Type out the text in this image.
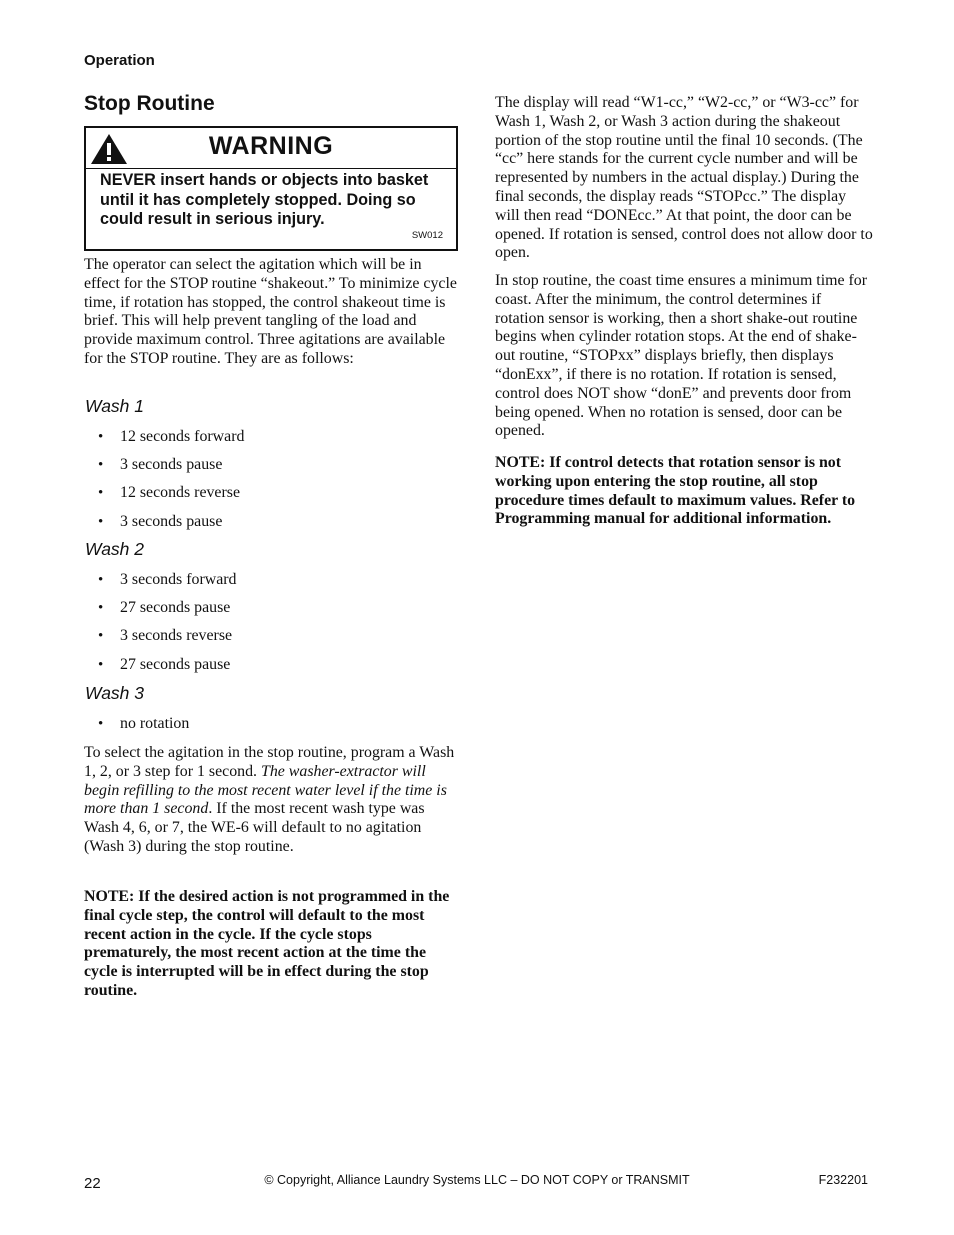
Operation
Stop Routine
WARNING

NEVER insert hands or objects into basket until it has completely stopped. Doing so could result in serious injury.

SW012

The operator can select the agitation which will be in effect for the STOP routine “shakeout.” To minimize cycle time, if rotation has stopped, the control shakeout time is brief. This will help prevent tangling of the load and provide maximum control. Three agitations are available for the STOP routine. They are as follows:

Wash 1
• 12 seconds forward
• 3 seconds pause
• 12 seconds reverse
• 3 seconds pause
Wash 2
• 3 seconds forward
• 27 seconds pause
• 3 seconds reverse
• 27 seconds pause
Wash 3
• no rotation

To select the agitation in the stop routine, program a Wash 1, 2, or 3 step for 1 second. The washer-extractor will begin refilling to the most recent water level if the time is more than 1 second. If the most recent wash type was Wash 4, 6, or 7, the WE-6 will default to no agitation (Wash 3) during the stop routine.

NOTE: If the desired action is not programmed in the final cycle step, the control will default to the most recent action in the cycle. If the cycle stops prematurely, the most recent action at the time the cycle is interrupted will be in effect during the stop routine.

The display will read “W1-cc,” “W2-cc,” or “W3-cc” for Wash 1, Wash 2, or Wash 3 action during the shakeout portion of the stop routine until the final 10 seconds. (The “cc” here stands for the current cycle number and will be represented by numbers in the actual display.) During the final seconds, the display reads “STOPcc.” The display will then read “DONEcc.” At that point, the door can be opened. If rotation is sensed, control does not allow door to open.

In stop routine, the coast time ensures a minimum time for coast. After the minimum, the control determines if rotation sensor is working, then a short shake-out routine begins when cylinder rotation stops. At the end of shake-out routine, “STOPxx” displays briefly, then displays “donExx”, if there is no rotation. If rotation is sensed, control does NOT show “donE” and prevents door from being opened. When no rotation is sensed, door can be opened.

NOTE: If control detects that rotation sensor is not working upon entering the stop routine, all stop procedure times default to maximum values. Refer to Programming manual for additional information.

22	© Copyright, Alliance Laundry Systems LLC – DO NOT COPY or TRANSMIT	F232201
